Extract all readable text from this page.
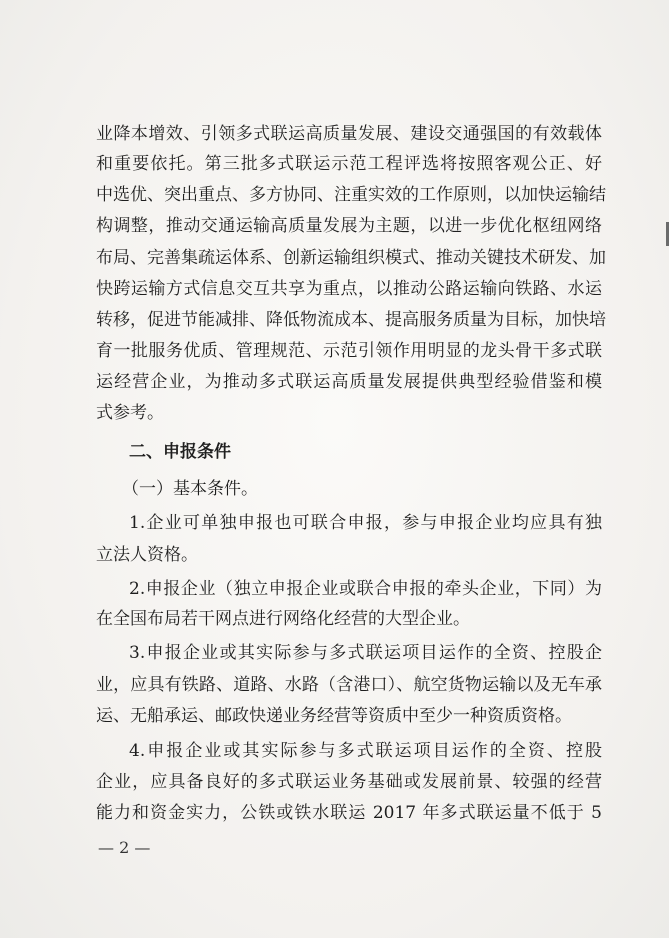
业降本增效、引领多式联运高质量发展、建设交通强国的有效载体
和重要依托。第三批多式联运示范工程评选将按照客观公正、好
中选优、突出重点、多方协同、注重实效的工作原则，以加快运输结
构调整，推动交通运输高质量发展为主题，以进一步优化枢纽网络
布局、完善集疏运体系、创新运输组织模式、推动关键技术研发、加
快跨运输方式信息交互共享为重点，以推动公路运输向铁路、水运
转移，促进节能减排、降低物流成本、提高服务质量为目标，加快培
育一批服务优质、管理规范、示范引领作用明显的龙头骨干多式联
运经营企业，为推动多式联运高质量发展提供典型经验借鉴和模
式参考。
二、申报条件
（一）基本条件。
1.企业可单独申报也可联合申报，参与申报企业均应具有独
立法人资格。
2.申报企业（独立申报企业或联合申报的牵头企业，下同）为
在全国布局若干网点进行网络化经营的大型企业。
3.申报企业或其实际参与多式联运项目运作的全资、控股企
业，应具有铁路、道路、水路（含港口）、航空货物运输以及无车承
运、无船承运、邮政快递业务经营等资质中至少一种资质资格。
4.申报企业或其实际参与多式联运项目运作的全资、控股
企业，应具备良好的多式联运业务基础或发展前景、较强的经营
能力和资金实力，公铁或铁水联运 2017 年多式联运量不低于 5
— 2 —
